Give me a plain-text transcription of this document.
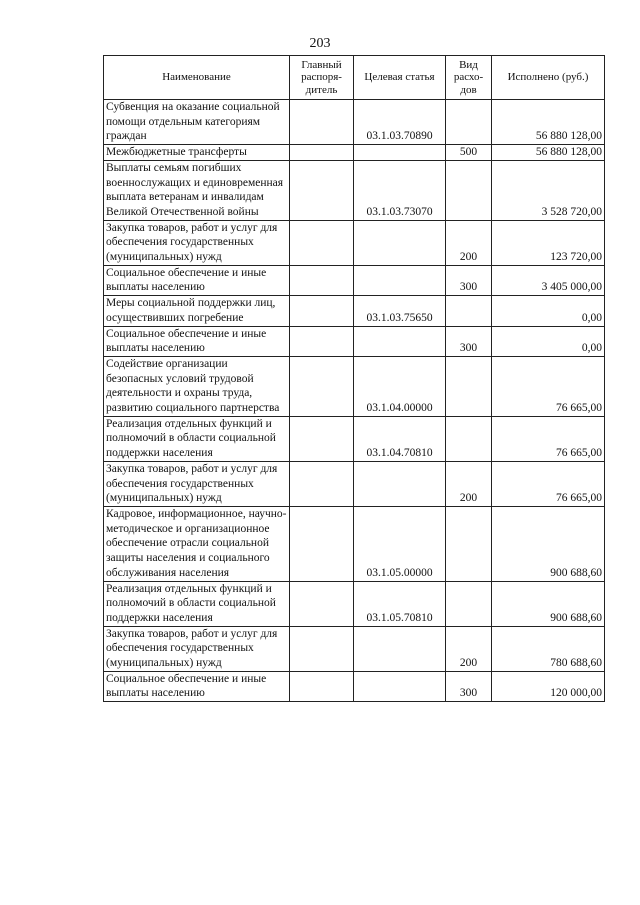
203
Наименование	Главный распоря-дитель	Целевая статья	Вид расхо-дов	Исполнено (руб.)
Субвенция на оказание социальной помощи отдельным категориям граждан		03.1.03.70890		56 880 128,00
Межбюджетные трансферты			500	56 880 128,00
Выплаты семьям погибших военнослужащих и единовременная выплата ветеранам и инвалидам Великой Отечественной войны		03.1.03.73070		3 528 720,00
Закупка товаров, работ и услуг для обеспечения государственных (муниципальных) нужд			200	123 720,00
Социальное обеспечение и иные выплаты населению			300	3 405 000,00
Меры социальной поддержки лиц, осуществивших погребение		03.1.03.75650		0,00
Социальное обеспечение и иные выплаты населению			300	0,00
Содействие организации безопасных условий трудовой деятельности и охраны труда, развитию социального партнерства		03.1.04.00000		76 665,00
Реализация отдельных функций и полномочий в области социальной поддержки населения		03.1.04.70810		76 665,00
Закупка товаров, работ и услуг для обеспечения государственных (муниципальных) нужд			200	76 665,00
Кадровое, информационное, научно-методическое и организационное обеспечение отрасли социальной защиты населения и социального обслуживания населения		03.1.05.00000		900 688,60
Реализация отдельных функций и полномочий в области социальной поддержки населения		03.1.05.70810		900 688,60
Закупка товаров, работ и услуг для обеспечения государственных (муниципальных) нужд			200	780 688,60
Социальное обеспечение и иные выплаты населению			300	120 000,00
